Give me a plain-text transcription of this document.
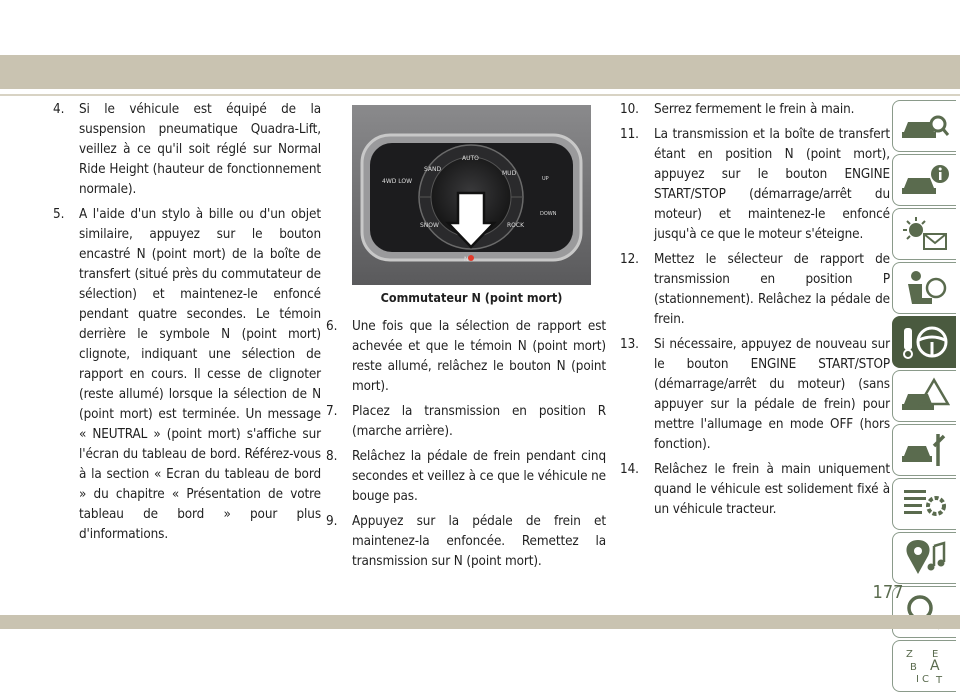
4.	Si le véhicule est équipé de la suspension pneumatique Quadra-Lift, veillez à ce qu'il soit réglé sur Normal Ride Height (hauteur de fonctionnement normale).
5.	A l'aide d'un stylo à bille ou d'un objet similaire, appuyez sur le bouton encastré N (point mort) de la boîte de transfert (situé près du commutateur de sélection) et maintenez-le enfoncé pendant quatre secondes. Le témoin derrière le symbole N (point mort) clignote, indiquant une sélection de rapport en cours. Il cesse de clignoter (reste allumé) lorsque la sélection de N (point mort) est terminée. Un message « NEUTRAL » (point mort) s'affiche sur l'écran du tableau de bord. Référez-vous à la section « Ecran du tableau de bord » du chapitre « Présentation de votre tableau de bord » pour plus d'informations.
AUTO
SAND
MUD
4WD LOW
SNOW	ROCK
UP
DOWN
N
Commutateur N (point mort)
6.	Une fois que la sélection de rapport est achevée et que le témoin N (point mort) reste allumé, relâchez le bouton N (point mort).
7.	Placez la transmission en position R (marche arrière).
8.	Relâchez la pédale de frein pendant cinq secondes et veillez à ce que le véhicule ne bouge pas.
9.	Appuyez sur la pédale de frein et maintenez-la enfoncée. Remettez la transmission sur N (point mort).
10.	Serrez fermement le frein à main.
11.	La transmission et la boîte de transfert étant en position N (point mort), appuyez sur le bouton ENGINE START/STOP (démarrage/arrêt du moteur) et maintenez-le enfoncé jusqu'à ce que le moteur s'éteigne.
12.	Mettez le sélecteur de rapport de transmission en position P (stationnement). Relâchez la pédale de frein.
13.	Si nécessaire, appuyez de nouveau sur le bouton ENGINE START/STOP (démarrage/arrêt du moteur) (sans appuyer sur la pédale de frein) pour mettre l'allumage en mode OFF (hors fonction).
14.	Relâchez le frein à main uniquement quand le véhicule est solidement fixé à un véhicule tracteur.
Z E
B A
I C T
177
